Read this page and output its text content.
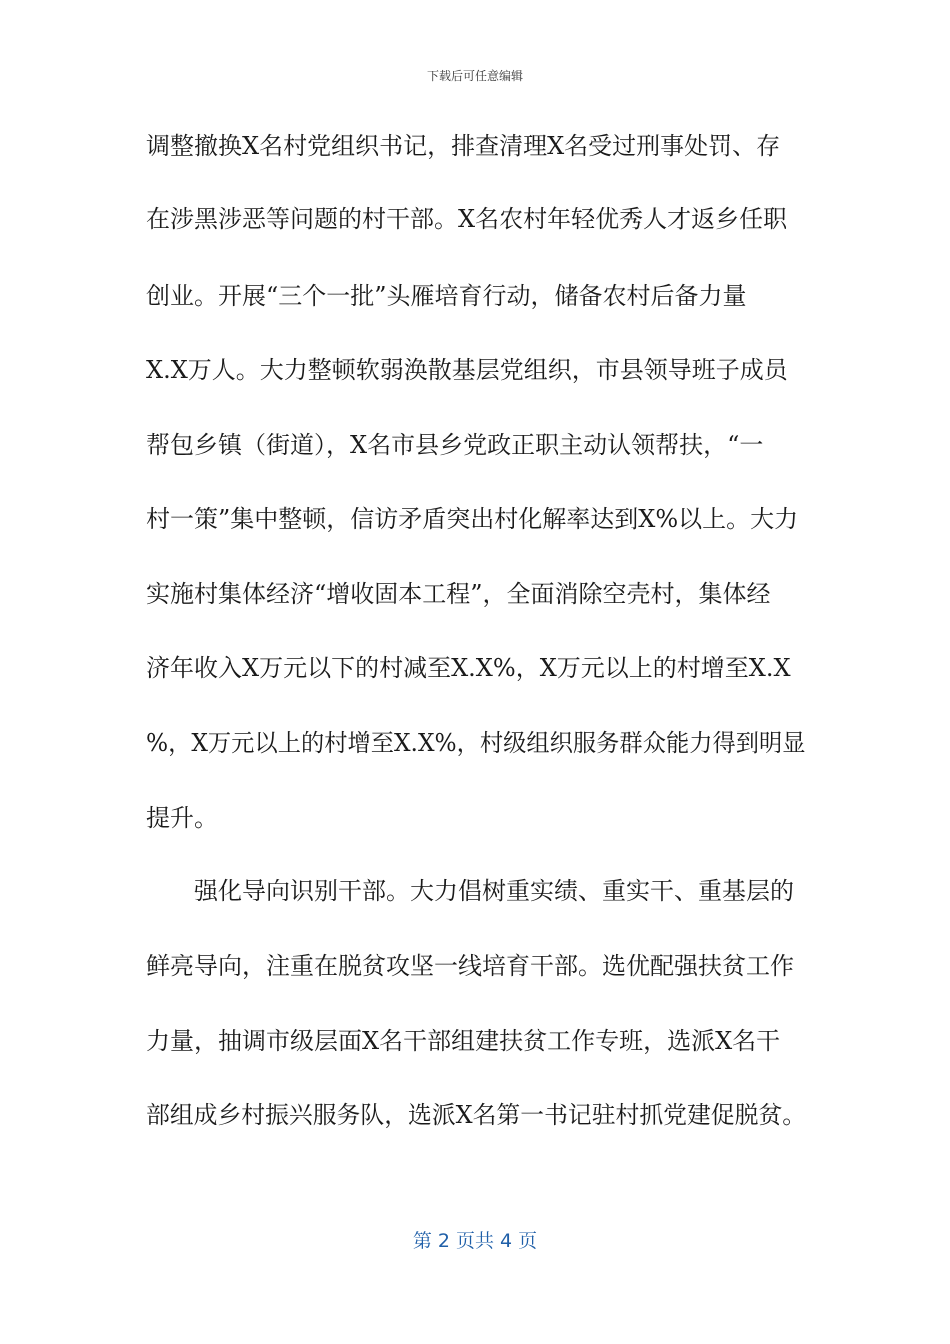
下载后可任意编辑
调整撤换X名村党组织书记，排查清理X名受过刑事处罚、存
在涉黑涉恶等问题的村干部。X名农村年轻优秀人才返乡任职
创业。开展“三个一批”头雁培育行动，储备农村后备力量
X.X万人。大力整顿软弱涣散基层党组织，市县领导班子成员
帮包乡镇（街道），X名市县乡党政正职主动认领帮扶，“一
村一策”集中整顿，信访矛盾突出村化解率达到X%以上。大力
实施村集体经济“增收固本工程”，全面消除空壳村，集体经
济年收入X万元以下的村减至X.X%，X万元以上的村增至X.X
%，X万元以上的村增至X.X%，村级组织服务群众能力得到明显
提升。
强化导向识别干部。大力倡树重实绩、重实干、重基层的
鲜亮导向，注重在脱贫攻坚一线培育干部。选优配强扶贫工作
力量，抽调市级层面X名干部组建扶贫工作专班，选派X名干
部组成乡村振兴服务队，选派X名第一书记驻村抓党建促脱贫。
第 2 页共 4 页
